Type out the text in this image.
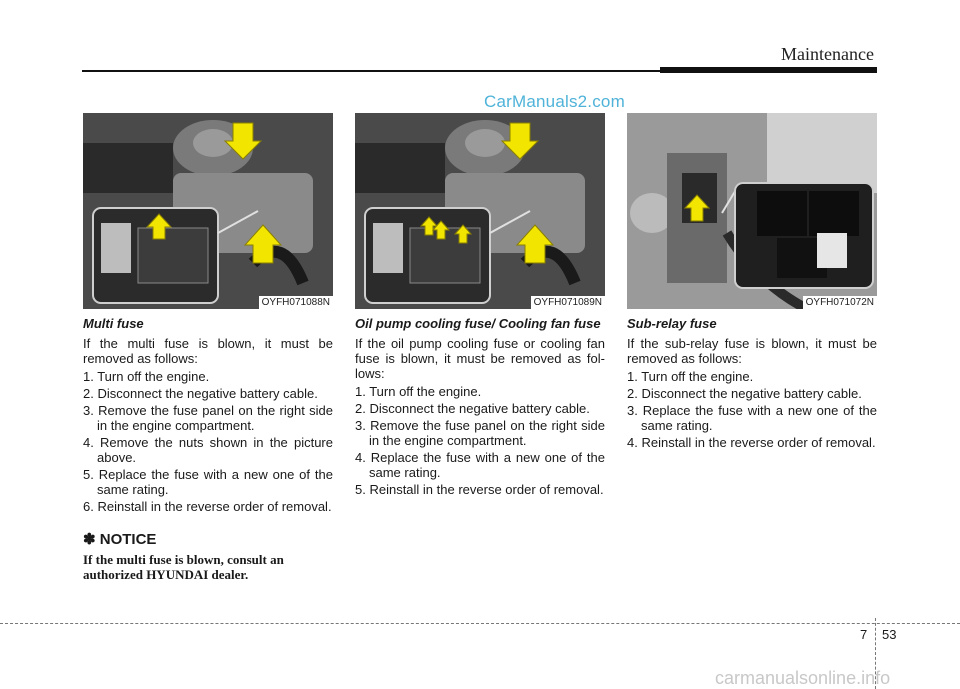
Maintenance
CarManuals2.com
OYFH071088N
Multi fuse

If the multi fuse is blown, it must be removed as follows:

1. Turn off the engine.
2. Disconnect the negative battery cable.
3. Remove the fuse panel on the right side in the engine compartment.
4. Remove the nuts shown in the picture above.
5. Replace the fuse with a new one of the same rating.
6. Reinstall in the reverse order of removal.
✽ NOTICE

If the multi fuse is blown, consult an authorized HYUNDAI dealer.

OYFH071089N
Oil pump cooling fuse/ Cooling fan fuse

If the oil pump cooling fuse or cooling fan fuse is blown, it must be removed as fol-lows:

1. Turn off the engine.
2. Disconnect the negative battery cable.
3. Remove the fuse panel on the right side in the engine compartment.
4. Replace the fuse with a new one of the same rating.
5. Reinstall in the reverse order of removal.
OYFH071072N
Sub-relay fuse

If the sub-relay fuse is blown, it must be removed as follows:

1. Turn off the engine.
2. Disconnect the negative battery cable.
3. Replace the fuse with a new one of the same rating.
4. Reinstall in the reverse order of removal.
7 53
carmanualsonline.info
